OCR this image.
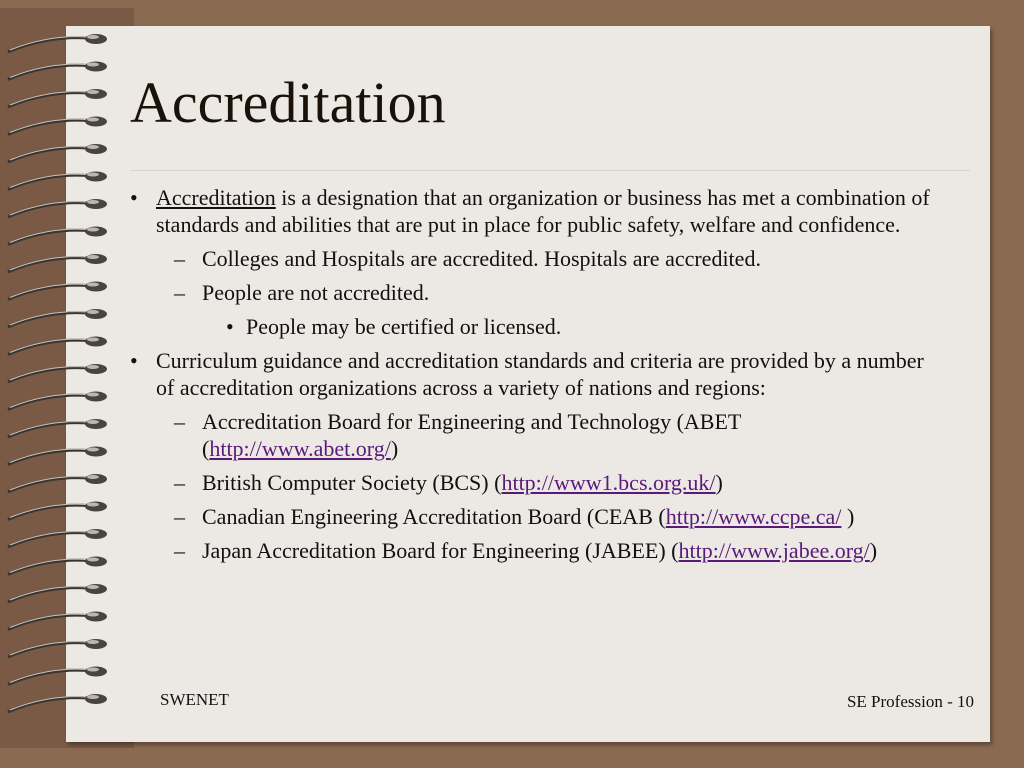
Accreditation
• Accreditation is a designation that an organization or business has met a combination of standards and abilities that are put in place for public safety, welfare and confidence.
– Colleges and Hospitals are accredited. Hospitals are accredited.
– People are not accredited.
• People may be certified or licensed.
• Curriculum guidance and accreditation standards and criteria are provided by a number of accreditation organizations across a variety of nations and regions:
– Accreditation Board for Engineering and Technology (ABET (http://www.abet.org/)
– British Computer Society (BCS) (http://www1.bcs.org.uk/)
– Canadian Engineering Accreditation Board (CEAB (http://www.ccpe.ca/ )
– Japan Accreditation Board for Engineering (JABEE) (http://www.jabee.org/)
SWENET	SE Profession - 10
